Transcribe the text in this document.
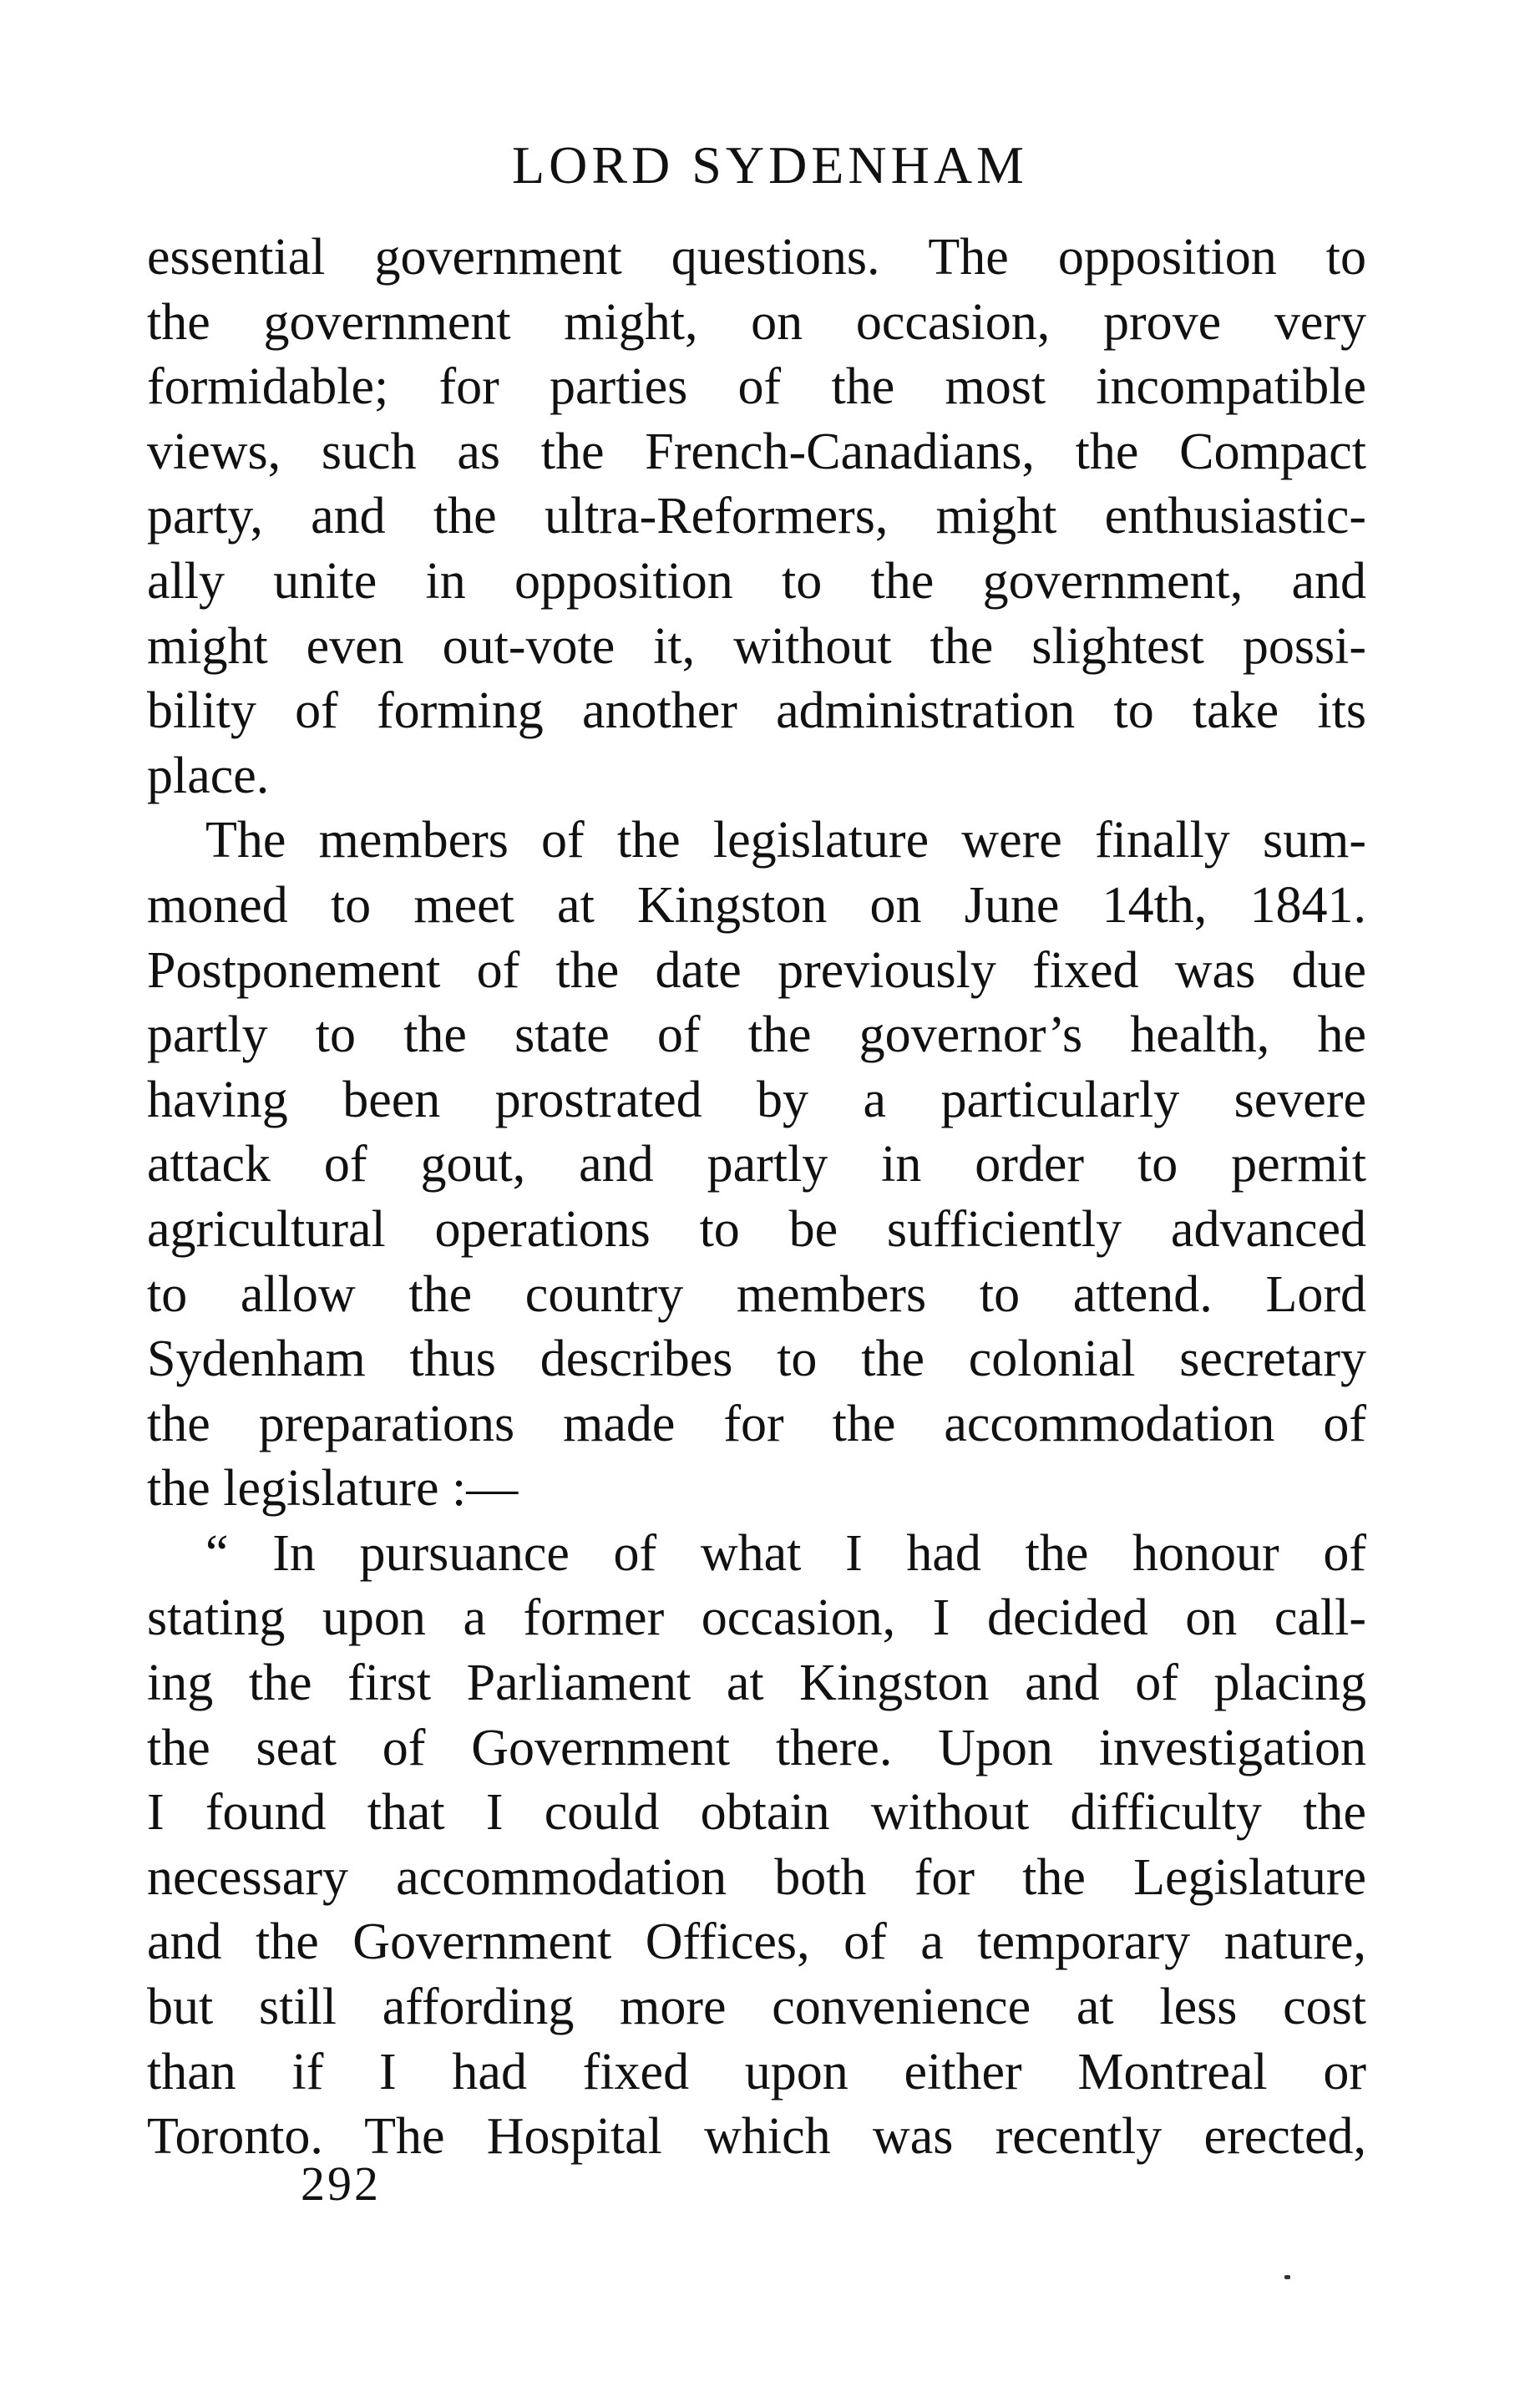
LORD SYDENHAM
essential government questions. The opposition to
the government might, on occasion, prove very
formidable; for parties of the most incompatible
views, such as the French-Canadians, the Compact
party, and the ultra-Reformers, might enthusiastic-
ally unite in opposition to the government, and
might even out-vote it, without the slightest possi-
bility of forming another administration to take its
place.
The members of the legislature were finally sum-
moned to meet at Kingston on June 14th, 1841.
Postponement of the date previously fixed was due
partly to the state of the governor’s health, he
having been prostrated by a particularly severe
attack of gout, and partly in order to permit
agricultural operations to be sufficiently advanced
to allow the country members to attend. Lord
Sydenham thus describes to the colonial secretary
the preparations made for the accommodation of
the legislature :—
“ In pursuance of what I had the honour of
stating upon a former occasion, I decided on call-
ing the first Parliament at Kingston and of placing
the seat of Government there. Upon investigation
I found that I could obtain without difficulty the
necessary accommodation both for the Legislature
and the Government Offices, of a temporary nature,
but still affording more convenience at less cost
than if I had fixed upon either Montreal or
Toronto. The Hospital which was recently erected,
292
